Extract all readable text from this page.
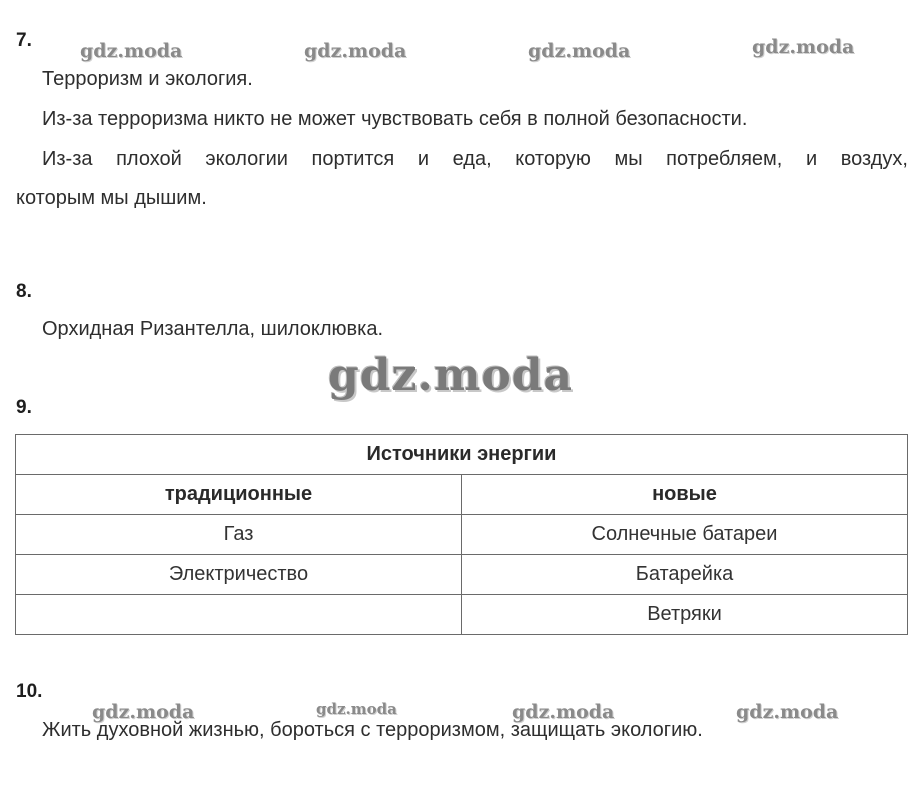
gdz.moda	gdz.moda	gdz.moda	gdz.moda
7.
Терроризм и экология.
Из-за терроризма никто не может чувствовать себя в полной безопасности.
Из-за плохой экологии портится и еда, которую мы потребляем, и воздух,
которым мы дышим.
8.
Орхидная Ризантелла, шилоклювка.
gdz.moda
9.
Источники энергии	
традиционные	новые
Газ	Солнечные батареи
Электричество	Батарейка
	Ветряки
10.
gdz.moda	gdz.moda	gdz.moda	gdz.moda
Жить духовной жизнью, бороться с терроризмом, защищать экологию.
